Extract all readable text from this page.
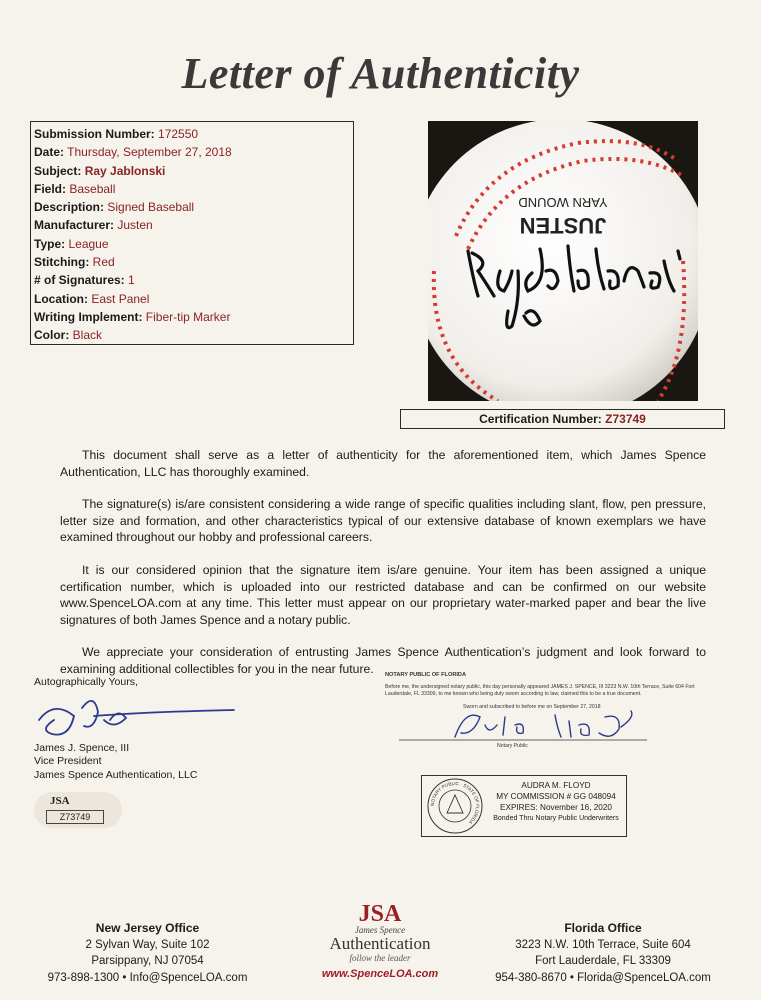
Letter of Authenticity
Submission Number: 172550
Date: Thursday, September 27, 2018
Subject: Ray Jablonski
Field: Baseball
Description: Signed Baseball
Manufacturer: Justen
Type: League
Stitching: Red
# of Signatures: 1
Location: East Panel
Writing Implement: Fiber-tip Marker
Color: Black
JUSTEN
YARN WOUND
Certification Number: Z73749

This document shall serve as a letter of authenticity for the aforementioned item, which James Spence Authentication, LLC has thoroughly examined.

The signature(s) is/are consistent considering a wide range of specific qualities including slant, flow, pen pressure, letter size and formation, and other characteristics typical of our extensive database of known exemplars we have examined throughout our hobby and professional careers.

It is our considered opinion that the signature item is/are genuine. Your item has been assigned a unique certification number, which is uploaded into our restricted database and can be confirmed on our website www.SpenceLOA.com at any time. This letter must appear on our proprietary water-marked paper and bear the live signatures of both James Spence and a notary public.

We appreciate your consideration of entrusting James Spence Authentication’s judgment and look forward to examining additional collectibles for you in the near future.

Autographically Yours,
James J. Spence, III
Vice President
James Spence Authentication, LLC
JSA
Z73749
NOTARY PUBLIC OF FLORIDA
Before me, the undersigned notary public, this day personally appeared JAMES J. SPENCE, III 3223 N.W. 10th Terrace, Suite 604 Fort Lauderdale, FL 33309, to me known who being duly sworn according to law, claimed this to be a true document.
Sworn and subscribed to before me on September 27, 2018
Notary Public
NOTARY PUBLIC · STATE OF FLORIDA
AUDRA M. FLOYD
MY COMMISSION # GG 048094
EXPIRES: November 16, 2020
Bonded Thru Notary Public Underwriters
New Jersey Office
2 Sylvan Way, Suite 102
Parsippany, NJ 07054
973-898-1300 • Info@SpenceLOA.com
JSA
James Spence
Authentication
follow the leader
www.SpenceLOA.com
Florida Office
3223 N.W. 10th Terrace, Suite 604
Fort Lauderdale, FL 33309
954-380-8670 • Florida@SpenceLOA.com
